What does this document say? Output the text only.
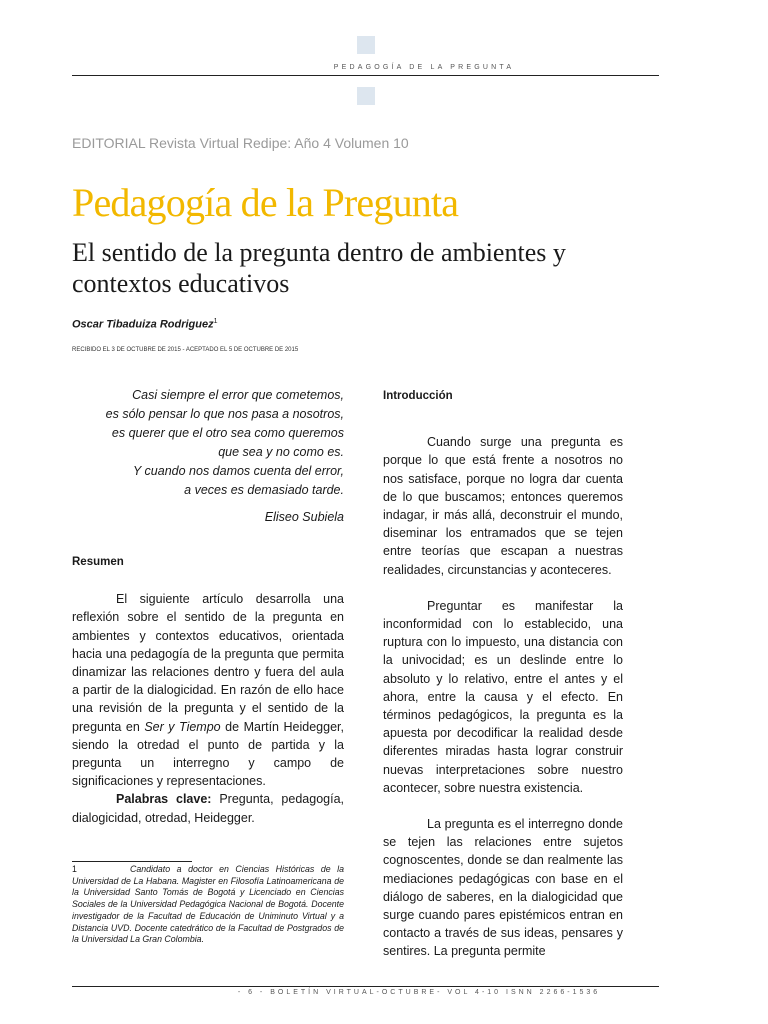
PEDAGOGÍA DE LA PREGUNTA
EDITORIAL Revista Virtual Redipe: Año 4 Volumen 10
Pedagogía de la Pregunta
El sentido de la pregunta dentro de ambientes y contextos educativos
Oscar Tibaduiza Rodriguez$^1$
RECIBIDO EL 3 DE OCTUBRE DE 2015 - ACEPTADO EL 5 DE OCTUBRE DE 2015
Casi siempre el error que cometemos,
es sólo pensar lo que nos pasa a nosotros,
es querer que el otro sea como queremos
que sea y no como es.
Y cuando nos damos cuenta del error,
a veces es demasiado tarde.
Eliseo Subiela
Resumen

El siguiente artículo desarrolla una reflexión sobre el sentido de la pregunta en ambientes y contextos educativos, orientada hacia una pedagogía de la pregunta que permita dinamizar las relaciones dentro y fuera del aula a partir de la dialogicidad. En razón de ello hace una revisión de la pregunta y el sentido de la pregunta en Ser y Tiempo de Martín Heidegger, siendo la otredad el punto de partida y la pregunta un interregno y campo de significaciones y representaciones.

Palabras clave: Pregunta, pedagogía, dialogicidad, otredad, Heidegger.

1	Candidato a doctor en Ciencias Históricas de la Universidad de La Habana. Magister en Filosofía Latinoamericana de la Universidad Santo Tomás de Bogotá y Licenciado en Ciencias Sociales de la Universidad Pedagógica Nacional de Bogotá. Docente investigador de la Facultad de Educación de Uniminuto Virtual y a Distancia UVD. Docente catedrático de la Facultad de Postgrados de la Universidad La Gran Colombia.
Introducción

Cuando surge una pregunta es porque lo que está frente a nosotros no nos satisface, porque no logra dar cuenta de lo que buscamos; entonces queremos indagar, ir más allá, deconstruir el mundo, diseminar los entramados que se tejen entre teorías que escapan a nuestras realidades, circunstancias y aconteceres.

Preguntar es manifestar la inconformidad con lo establecido, una ruptura con lo impuesto, una distancia con la univocidad; es un deslinde entre lo absoluto y lo relativo, entre el antes y el ahora, entre la causa y el efecto. En términos pedagógicos, la pregunta es la apuesta por decodificar la realidad desde diferentes miradas hasta lograr construir nuevas interpretaciones sobre nuestro acontecer, sobre nuestra existencia.

La pregunta es el interregno donde se tejen las relaciones entre sujetos cognoscentes, donde se dan realmente las mediaciones pedagógicas con base en el diálogo de saberes, en la dialogicidad que surge cuando pares epistémicos entran en contacto a través de sus ideas, pensares y sentires. La pregunta permite

- 6 - BOLETÍN VIRTUAL-OCTUBRE- VOL 4-10 ISNN 2266-1536
